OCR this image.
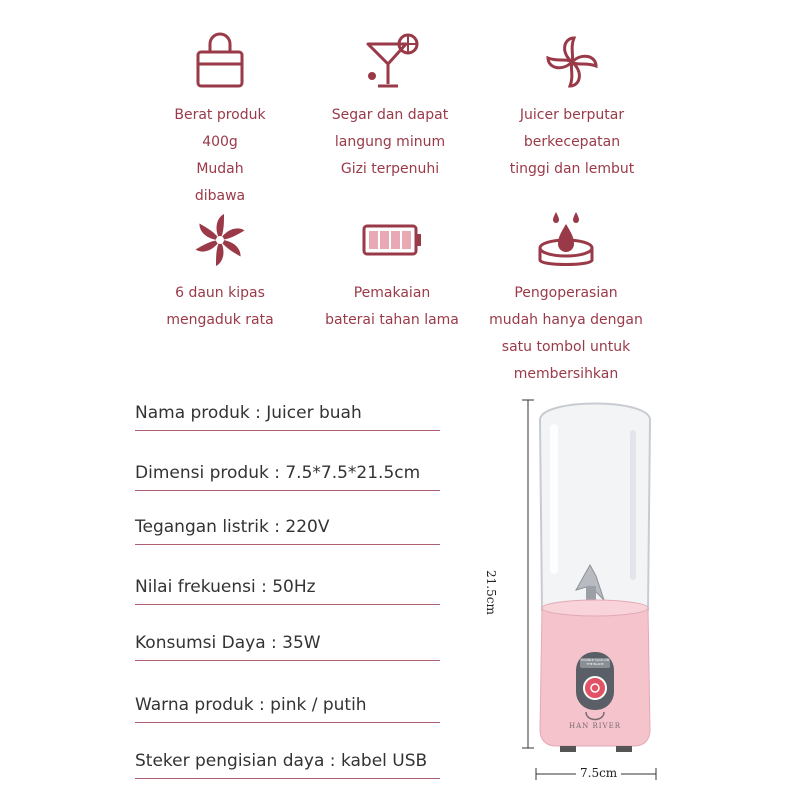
Berat produk
400g
Mudah
dibawa
Segar dan dapat
langung minum
Gizi terpenuhi
Juicer berputar
berkecepatan
tinggi dan lembut
6 daun kipas
mengaduk rata
Pemakaian
baterai tahan lama
Pengoperasian
mudah hanya dengan
satu tombol untuk
membersihkan
Nama produk : Juicer buah
Dimensi produk : 7.5*7.5*21.5cm
Tegangan listrik : 220V
Nilai frekuensi : 50Hz
Konsumsi Daya : 35W
Warna produk : pink / putih
Steker pengisian daya : kabel USB
21.5cm
7.5cm
DOUBLE CLICK ON THE BLADE
HAN RIVER
